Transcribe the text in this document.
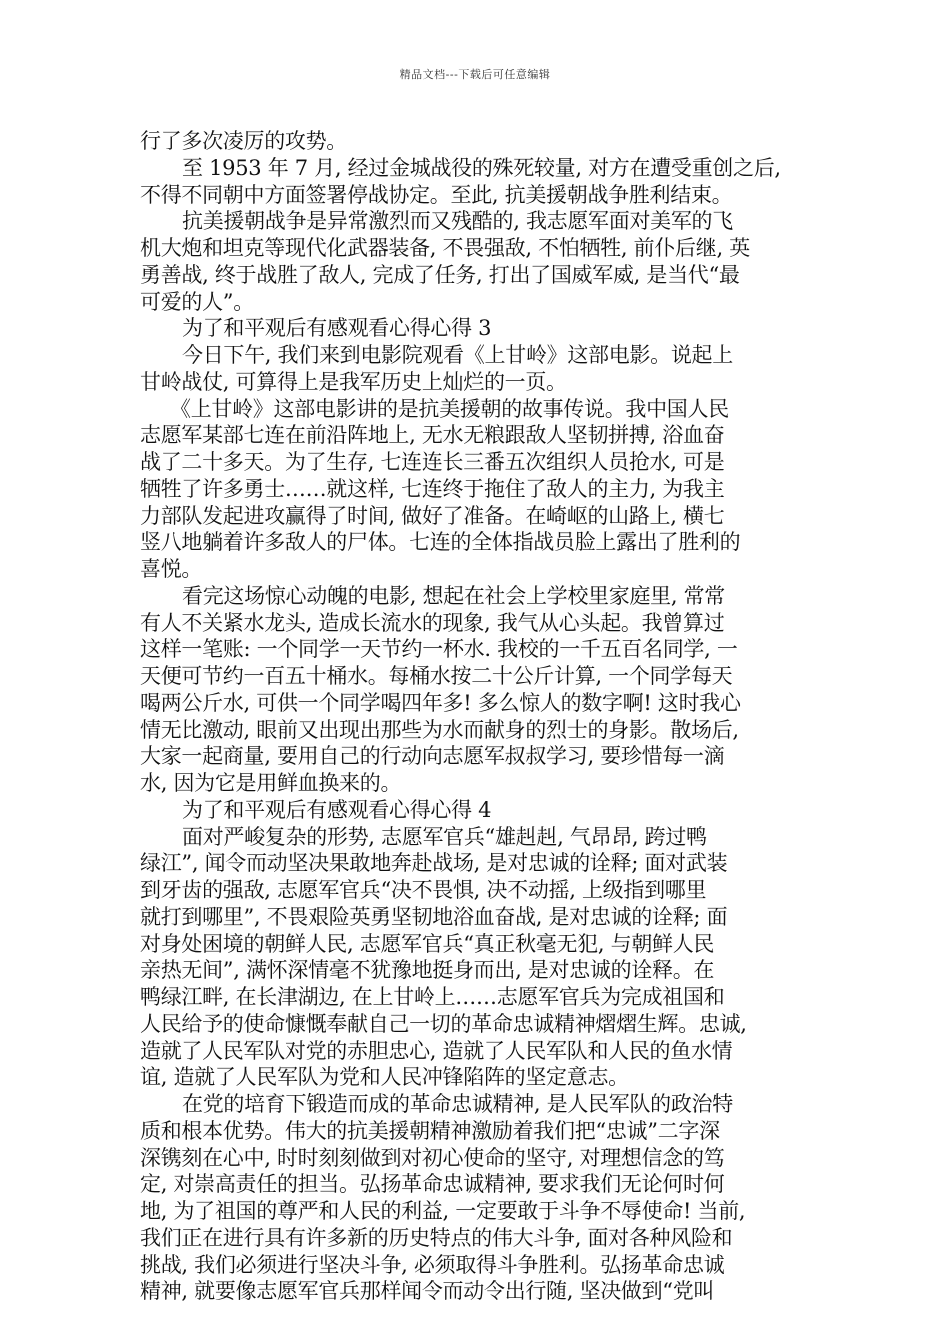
精品文档---下载后可任意编辑
行了多次凌厉的攻势。
至 1953 年 7 月, 经过金城战役的殊死较量, 对方在遭受重创之后,
不得不同朝中方面签署停战协定。至此, 抗美援朝战争胜利结束。
抗美援朝战争是异常激烈而又残酷的, 我志愿军面对美军的飞
机大炮和坦克等现代化武器装备, 不畏强敌, 不怕牺牲, 前仆后继, 英
勇善战, 终于战胜了敌人, 完成了任务, 打出了国威军威, 是当代“最
可爱的人”。
为了和平观后有感观看心得心得 3
今日下午, 我们来到电影院观看《上甘岭》这部电影。说起上
甘岭战仗, 可算得上是我军历史上灿烂的一页。
《上甘岭》这部电影讲的是抗美援朝的故事传说。我中国人民
志愿军某部七连在前沿阵地上, 无水无粮跟敌人坚韧拼搏, 浴血奋
战了二十多天。为了生存, 七连连长三番五次组织人员抢水, 可是
牺牲了许多勇士……就这样, 七连终于拖住了敌人的主力, 为我主
力部队发起进攻赢得了时间, 做好了准备。在崎岖的山路上, 横七
竖八地躺着许多敌人的尸体。七连的全体指战员脸上露出了胜利的
喜悦。
看完这场惊心动魄的电影, 想起在社会上学校里家庭里, 常常
有人不关紧水龙头, 造成长流水的现象, 我气从心头起。我曾算过
这样一笔账: 一个同学一天节约一杯水. 我校的一千五百名同学, 一
天便可节约一百五十桶水。每桶水按二十公斤计算, 一个同学每天
喝两公斤水, 可供一个同学喝四年多! 多么惊人的数字啊! 这时我心
情无比激动, 眼前又出现出那些为水而献身的烈士的身影。散场后,
大家一起商量, 要用自己的行动向志愿军叔叔学习, 要珍惜每一滴
水, 因为它是用鲜血换来的。
为了和平观后有感观看心得心得 4
面对严峻复杂的形势, 志愿军官兵“雄赳赳, 气昂昂, 跨过鸭
绿江”, 闻令而动坚决果敢地奔赴战场, 是对忠诚的诠释; 面对武装
到牙齿的强敌, 志愿军官兵“决不畏惧, 决不动摇, 上级指到哪里
就打到哪里”, 不畏艰险英勇坚韧地浴血奋战, 是对忠诚的诠释; 面
对身处困境的朝鲜人民, 志愿军官兵“真正秋毫无犯, 与朝鲜人民
亲热无间”, 满怀深情毫不犹豫地挺身而出, 是对忠诚的诠释。在
鸭绿江畔, 在长津湖边, 在上甘岭上……志愿军官兵为完成祖国和
人民给予的使命慷慨奉献自己一切的革命忠诚精神熠熠生辉。忠诚,
造就了人民军队对党的赤胆忠心, 造就了人民军队和人民的鱼水情
谊, 造就了人民军队为党和人民冲锋陷阵的坚定意志。
在党的培育下锻造而成的革命忠诚精神, 是人民军队的政治特
质和根本优势。伟大的抗美援朝精神激励着我们把“忠诚”二字深
深镌刻在心中, 时时刻刻做到对初心使命的坚守, 对理想信念的笃
定, 对崇高责任的担当。弘扬革命忠诚精神, 要求我们无论何时何
地, 为了祖国的尊严和人民的利益, 一定要敢于斗争不辱使命! 当前,
我们正在进行具有许多新的历史特点的伟大斗争, 面对各种风险和
挑战, 我们必须进行坚决斗争, 必须取得斗争胜利。弘扬革命忠诚
精神, 就要像志愿军官兵那样闻令而动令出行随, 坚决做到“党叫
